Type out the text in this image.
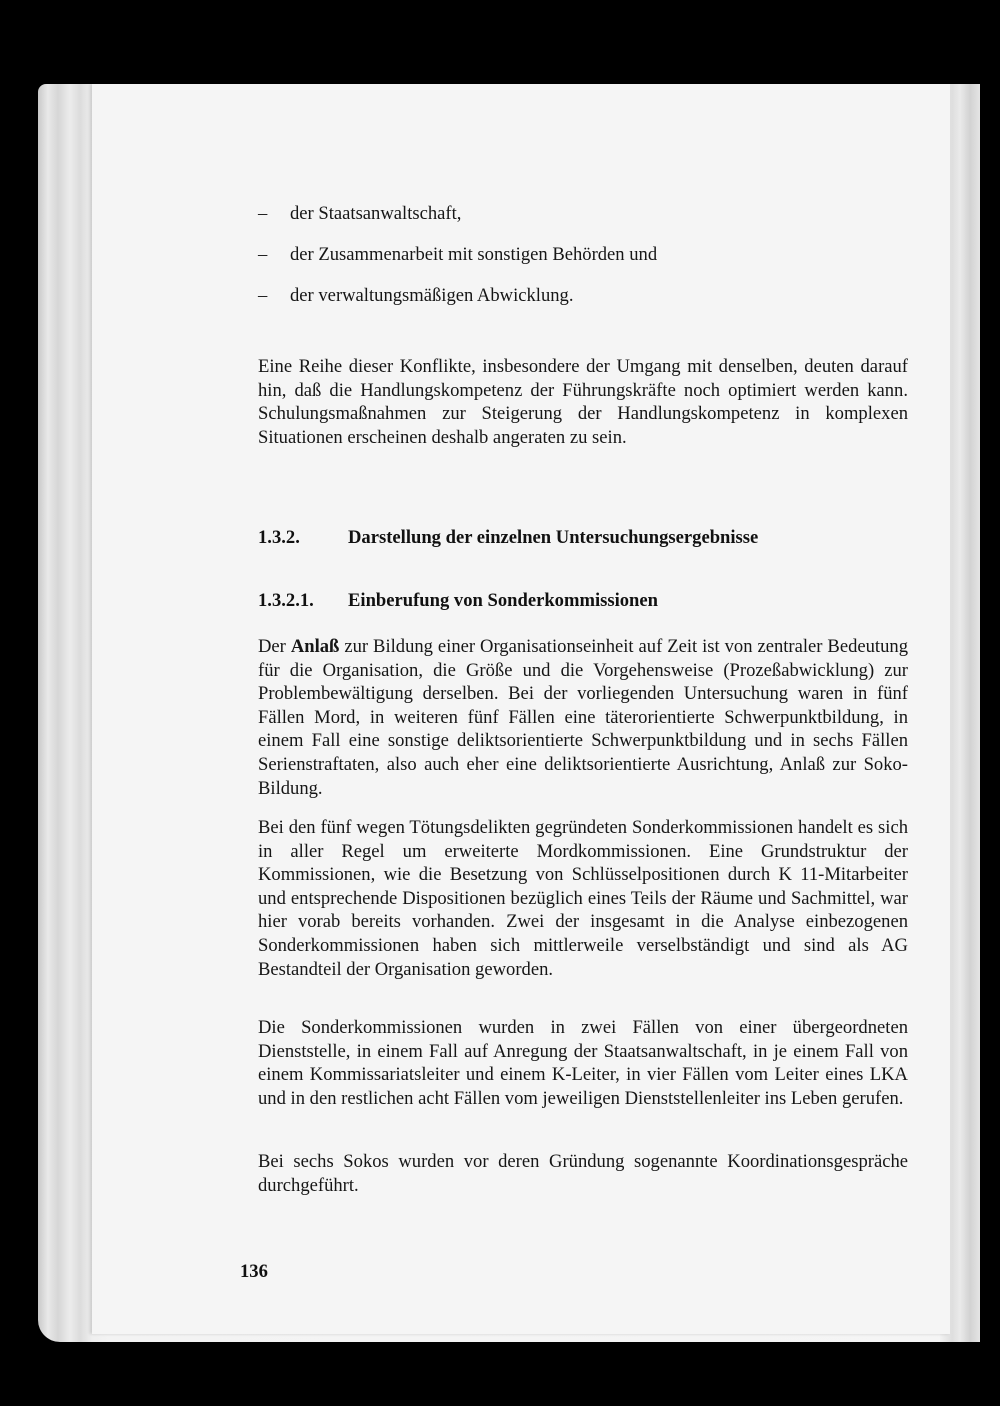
– der Staatsanwaltschaft,
– der Zusammenarbeit mit sonstigen Behörden und
– der verwaltungsmäßigen Abwicklung.

Eine Reihe dieser Konflikte, insbesondere der Umgang mit denselben, deuten darauf hin, daß die Handlungskompetenz der Führungskräfte noch optimiert werden kann. Schulungsmaßnahmen zur Steigerung der Handlungskompetenz in komplexen Situationen erscheinen deshalb angeraten zu sein.

1.3.2.	Darstellung der einzelnen Untersuchungsergebnisse
1.3.2.1.	Einberufung von Sonderkommissionen

Der Anlaß zur Bildung einer Organisationseinheit auf Zeit ist von zentraler Bedeutung für die Organisation, die Größe und die Vorgehensweise (Prozeßabwicklung) zur Problembewältigung derselben. Bei der vorliegenden Untersuchung waren in fünf Fällen Mord, in weiteren fünf Fällen eine täterorientierte Schwerpunktbildung, in einem Fall eine sonstige deliktsorientierte Schwerpunktbildung und in sechs Fällen Serienstraftaten, also auch eher eine deliktsorientierte Ausrichtung, Anlaß zur Soko-Bildung.

Bei den fünf wegen Tötungsdelikten gegründeten Sonderkommissionen handelt es sich in aller Regel um erweiterte Mordkommissionen. Eine Grundstruktur der Kommissionen, wie die Besetzung von Schlüsselpositionen durch K 11-Mitarbeiter und entsprechende Dispositionen bezüglich eines Teils der Räume und Sachmittel, war hier vorab bereits vorhanden. Zwei der insgesamt in die Analyse einbezogenen Sonderkommissionen haben sich mittlerweile verselbständigt und sind als AG Bestandteil der Organisation geworden.

Die Sonderkommissionen wurden in zwei Fällen von einer übergeordneten Dienststelle, in einem Fall auf Anregung der Staatsanwaltschaft, in je einem Fall von einem Kommissariatsleiter und einem K-Leiter, in vier Fällen vom Leiter eines LKA und in den restlichen acht Fällen vom jeweiligen Dienststellenleiter ins Leben gerufen.

Bei sechs Sokos wurden vor deren Gründung sogenannte Koordinationsgespräche durchgeführt.

136
